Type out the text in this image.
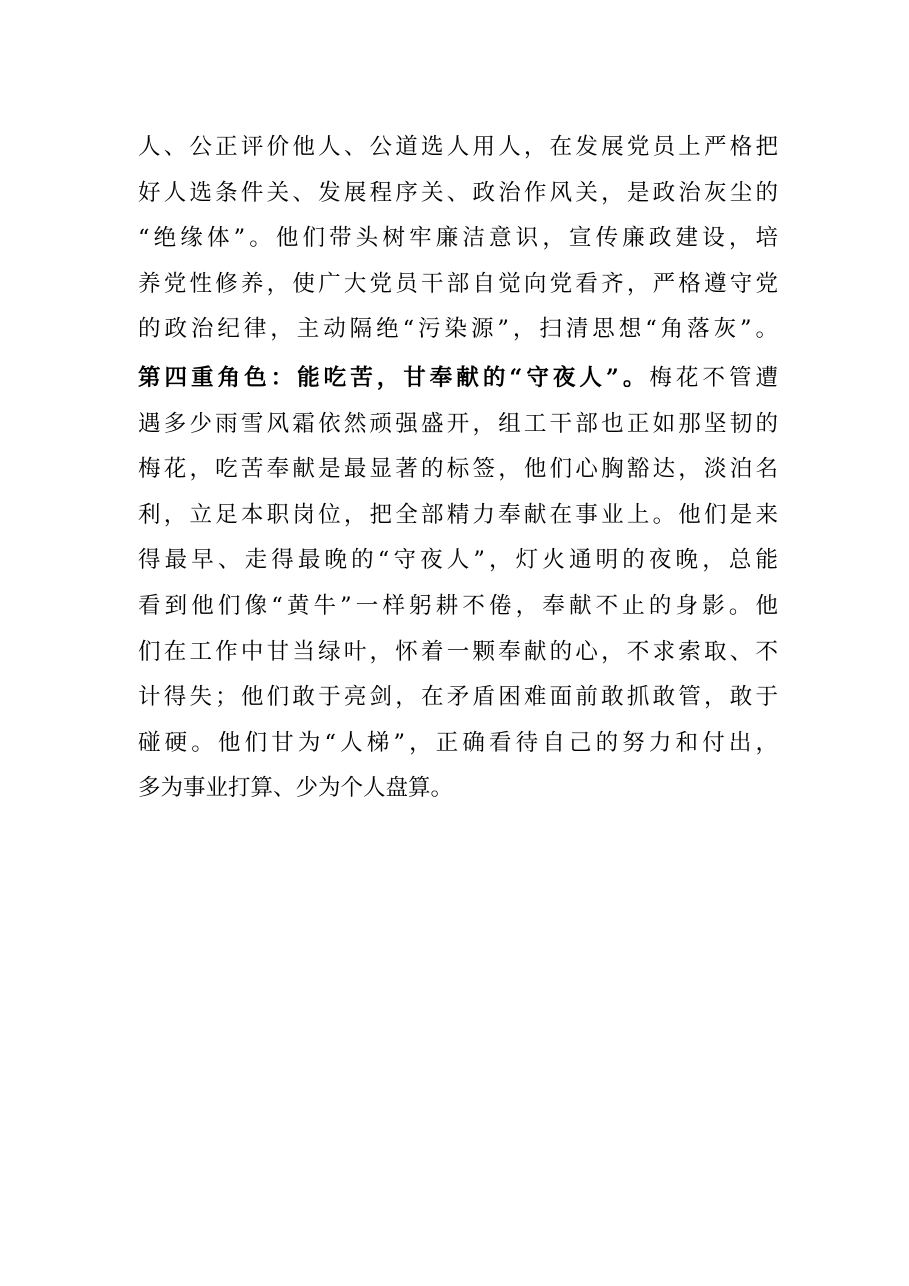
人、公正评价他人、公道选人用人，在发展党员上严格把
好人选条件关、发展程序关、政治作风关，是政治灰尘的
“绝缘体”。他们带头树牢廉洁意识，宣传廉政建设，培
养党性修养，使广大党员干部自觉向党看齐，严格遵守党
的政治纪律，主动隔绝“污染源”，扫清思想“角落灰”。
第四重角色：能吃苦，甘奉献的“守夜人”。梅花不管遭
遇多少雨雪风霜依然顽强盛开，组工干部也正如那坚韧的
梅花，吃苦奉献是最显著的标签，他们心胸豁达，淡泊名
利，立足本职岗位，把全部精力奉献在事业上。他们是来
得最早、走得最晚的“守夜人”，灯火通明的夜晚，总能
看到他们像“黄牛”一样躬耕不倦，奉献不止的身影。他
们在工作中甘当绿叶，怀着一颗奉献的心，不求索取、不
计得失；他们敢于亮剑，在矛盾困难面前敢抓敢管，敢于
碰硬。他们甘为“人梯”，正确看待自己的努力和付出，
多为事业打算、少为个人盘算。
